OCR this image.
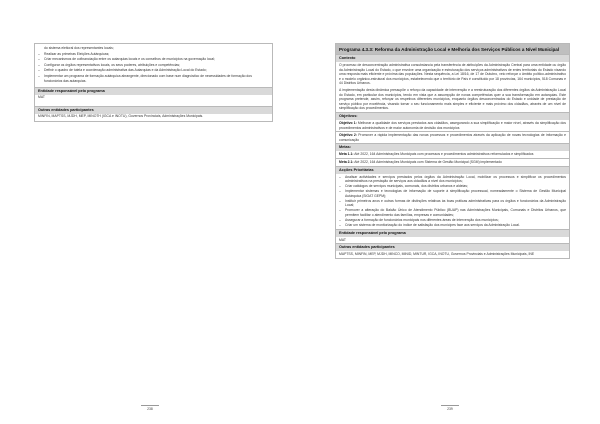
do sistema eleitoral dos representantes locais;
– Realizar as primeiras Eleições Autárquicas;
– Criar mecanismos de cofinanciação entre os autarquias locais e os conselhos de municípios na governação local;
– Configurar os órgãos representativos locais, os seus poderes, atribuições e competências;
– Definir o quadro de tutela e coordenação administrativa das Autarquias e da Administração Local do Estado;
– Implementar um programa de formação autárquica abrangente, direcionado com base num diagnóstico de necessidades de formação dos funcionários das autarquias.
Entidade responsável pelo programa
MAT
Outras entidades participantes
MINFIN, MAPTSS, MJDH, MEP, MINOTH (IGCA e INOTU), Governos Provinciais, Administrações Municipais.
238
Programa 4.3.3: Reforma da Administração Local e Melhoria dos Serviços Públicos a Nível Municipal
Contexto
O processo de desconcentração administrativa consubstancia pela transferência de atribuições da Administração Central para uma entidade ou órgão da Administração Local do Estado, o que envolve uma organização e estruturação dos serviços administrativos de entes territoriais do Estado visando uma resposta mais eficiente e próxima das populações. Nesta sequência, a Lei 18/16, de 17 de Outubro, veio reforçar o âmbito político-administrativo e o modelo orgânico-estrutural dos municípios, estabelecendo que o território de País é constituído por 18 províncias, 164 municípios, 518 Comunas e 44 Distritos Urbanos.
A implementação desta dinâmica pressupõe o reforço da capacidade de intervenção e a reestruturação dos diferentes órgãos da Administração Local do Estado, em particular dos municípios, tendo em vista que a assumpção de novas competências quer a sua transformação em autarquias. Este programa pretende, assim, reforçar os respetivos diferentes municípios, enquanto órgãos desconcentrados do Estado e unidade de prestação de serviço público por excelência, visando tornar o seu funcionamento mais simples e eficiente e mais próximo dos cidadãos, através de um nível de simplificação dos procedimentos.
Objetivos:
Objetivo 1: Melhorar a qualidade dos serviços prestados aos cidadãos, assegurando a sua simplificação e maior nível, através da simplificação dos procedimentos administrativos e de maior autonomia de decisão dos municípios
Objetivo 2: Promover a rápida implementação das novas processos e procedimentos através da aplicação de novas tecnologias de informação e comunicação
Metas:
Meta 1.1: Até 2022, 164 Administrações Municipais com processos e procedimentos administrativos reformulados e simplificados
Meta 2.1: Até 2022, 164 Administrações Municipais com Sistema de Gestão Municipal (SGM) implementado
Acções Prioritárias
– Analisar actividades e serviços prestados pelos órgãos da Administração Local, mobilizar os processos e simplificar os procedimentos administrativos na prestação de serviços aos cidadãos a nível dos municípios;
– Criar catálogos de serviços municipais, comunais, dos distritos urbanos e aldeias;
– Implementar sistemas e tecnologias de informação de suporte à simplificação processual, nomeadamente o Sistema de Gestão Municipal Autárquica (SIGAT GEPM);
– Instituir primeiros anos e outras formas de distinções relativas às boas práticas administrativas para os órgãos e funcionários da Administração Local;
– Promover a alteração do Balcão Único de Atendimento Público (BUAP) nas Administrações Municipais, Comunais e Distritos Urbanos, que permitem facilitar o atendimento das famílias, empresas e comunidades;
– Assegurar a formação de funcionários municipais nos diferentes áreas de intervenção dos municípios;
– Criar um sistema de monitorização do índice de satisfação dos munícipes face aos serviços da Administração Local.
Entidade responsável pelo programa
MAT
Outras entidades participantes
MAPTSS, MINFIN, MEP, MJDH, MINCO, MINID, MINTUR, IGCA, INOTU, Governos Provinciais e Administrações Municipais, INE
239
